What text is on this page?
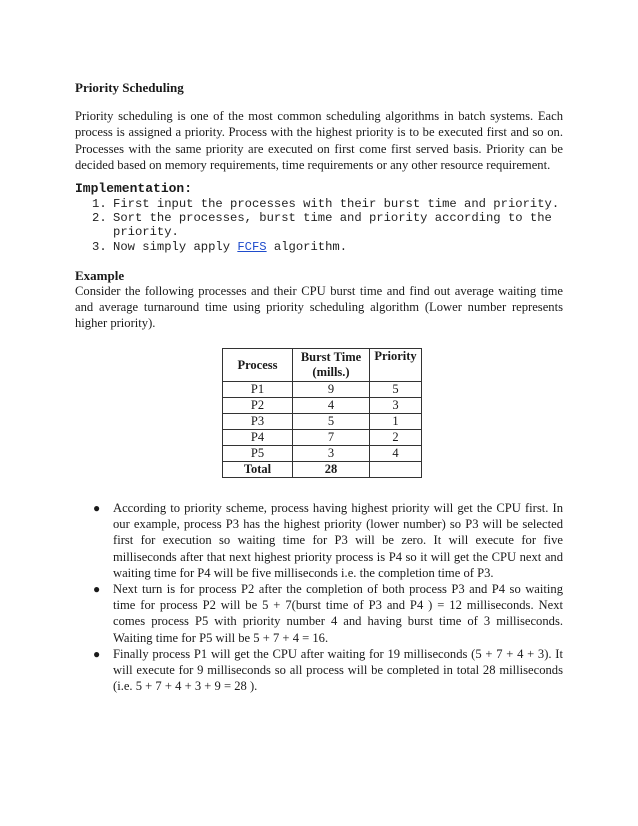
Priority Scheduling
Priority scheduling is one of the most common scheduling algorithms in batch systems. Each process is assigned a priority. Process with the highest priority is to be executed first and so on. Processes with the same priority are executed on first come first served basis. Priority can be decided based on memory requirements, time requirements or any other resource requirement.
Implementation:
1. First input the processes with their burst time and priority.
2. Sort the processes, burst time and priority according to the priority.
3. Now simply apply FCFS algorithm.
Example
Consider the following processes and their CPU burst time and find out average waiting time and average turnaround time using priority scheduling algorithm (Lower number represents higher priority).
Process	Burst Time (mills.)	Priority
P1	9	5
P2	4	3
P3	5	1
P4	7	2
P5	3	4
Total	28	
● According to priority scheme, process having highest priority will get the CPU first. In our example, process P3 has the highest priority (lower number) so P3 will be selected first for execution so waiting time for P3 will be zero. It will execute for five milliseconds after that next highest priority process is P4 so it will get the CPU next and waiting time for P4 will be five milliseconds i.e. the completion time of P3.
● Next turn is for process P2 after the completion of both process P3 and P4 so waiting time for process P2 will be 5 + 7(burst time of P3 and P4 ) = 12 milliseconds. Next comes process P5 with priority number 4 and having burst time of 3 milliseconds. Waiting time for P5 will be 5 + 7 + 4 = 16.
● Finally process P1 will get the CPU after waiting for 19 milliseconds (5 + 7 + 4 + 3). It will execute for 9 milliseconds so all process will be completed in total 28 milliseconds (i.e. 5 + 7 + 4 + 3 + 9 = 28 ).
